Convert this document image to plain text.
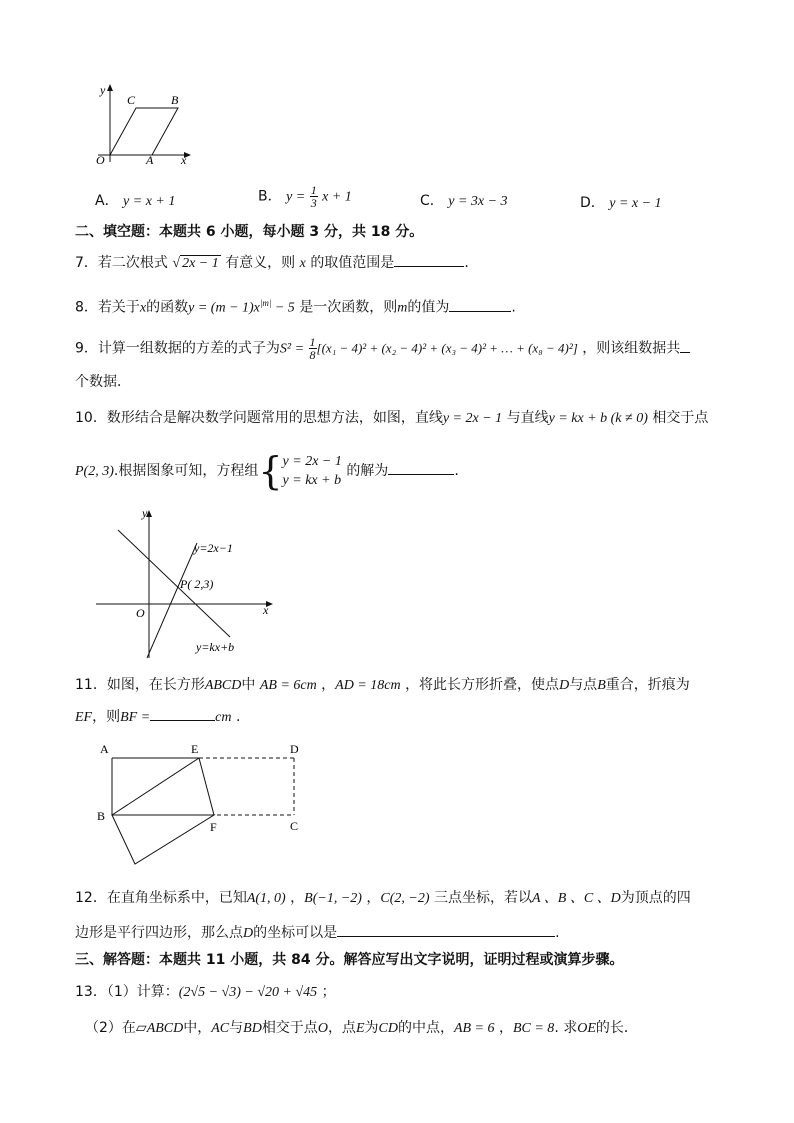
y
C	B
O	A x
A． y = x + 1	B． $y = \frac{1}{3}$ x + 1	C． y = 3x − 3	D． y = x − 1
二、填空题：本题共 6 小题，每小题 3 分，共 18 分。
7．若二次根式 √ 2x − 1 有意义，则 x 的取值范围是	.
8．若关于x的函数$y = (m - 1)x^{|m|} - 5$ 是一次函数，则m的值为	.
9．计算一组数据的方差的式子为$S^2 = \frac{1}{8} [(x_1 - 4)^2 + (x_2 - 4)^2 + (x_3 - 4)^2$ + … + (x₈ − 4)²] ，则该组数据共
个数据．
10．数形结合是解决数学问题常用的思想方法，如图，直线y = 2x − 1 与直线y = kx + b (k ≠ 0) 相交于点
P(2, 3).根据图象可知，方程组{ y = 2x − 1
y = kx + b
的解为	.
y
y=2x−1
P( 2,3)
O	x
y=kx+b
11．如图，在长方形ABCD中 AB = 6cm ，AD = 18cm ，将此长方形折叠，使点D与点B重合，折痕为
EF，则BF =	cm .
A	E	D
B
F	C
12．在直角坐标系中，已知A(1, 0) ，B(−1, −2) ，C(2, −2) 三点坐标，若以A 、B 、C 、D为顶点的四
边形是平行四边形，那么点D的坐标可以是	.
三、解答题：本题共 11 小题，共 84 分。解答应写出文字说明，证明过程或演算步骤。
13．（1）计算：(2√5 − √3) − √20 + √45 ；
（2）在▱ABCD中，AC与BD相交于点O，点E为CD的中点，AB = 6 ，BC = 8. 求OE的长．
